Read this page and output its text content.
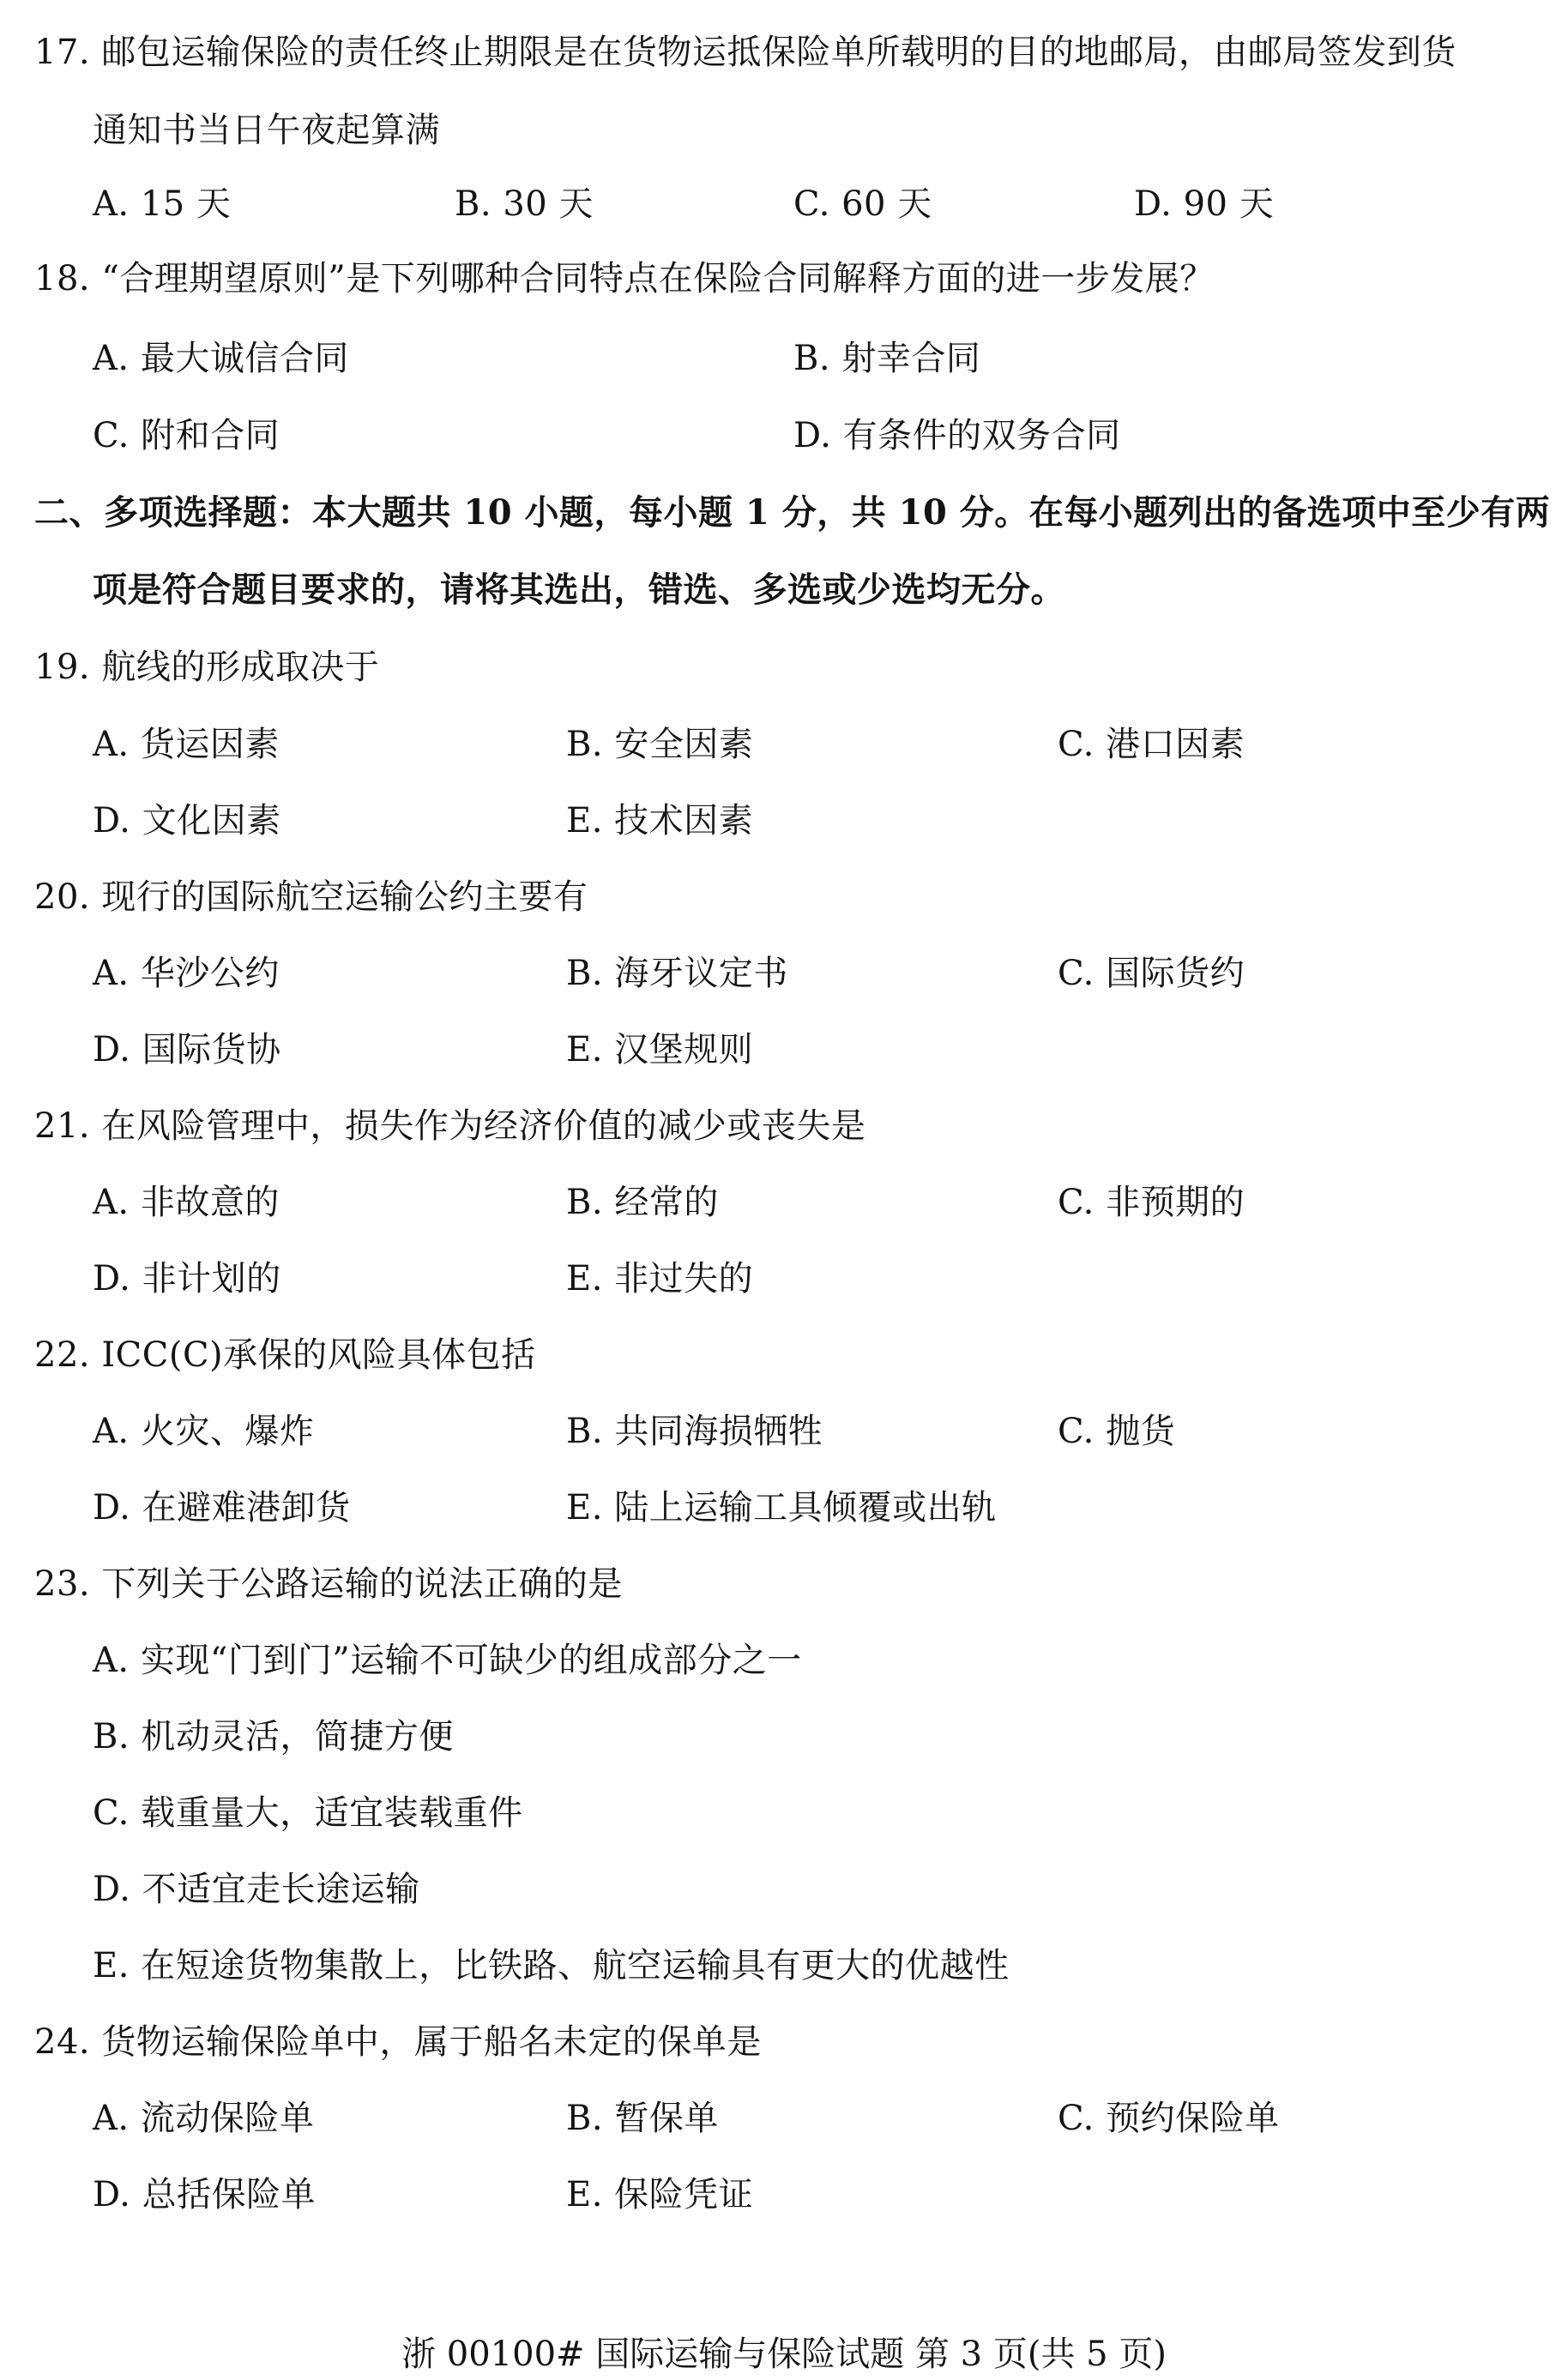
17. 邮包运输保险的责任终止期限是在货物运抵保险单所载明的目的地邮局，由邮局签发到货
通知书当日午夜起算满
A. 15 天	B. 30 天	C. 60 天	D. 90 天
18. “合理期望原则”是下列哪种合同特点在保险合同解释方面的进一步发展？
A. 最大诚信合同	B. 射幸合同
C. 附和合同	D. 有条件的双务合同
二、多项选择题：本大题共 10 小题，每小题 1 分，共 10 分。在每小题列出的备选项中至少有两
项是符合题目要求的，请将其选出，错选、多选或少选均无分。
19. 航线的形成取决于
A. 货运因素	B. 安全因素	C. 港口因素
D. 文化因素	E. 技术因素
20. 现行的国际航空运输公约主要有
A. 华沙公约	B. 海牙议定书	C. 国际货约
D. 国际货协	E. 汉堡规则
21. 在风险管理中，损失作为经济价值的减少或丧失是
A. 非故意的	B. 经常的	C. 非预期的
D. 非计划的	E. 非过失的
22. ICC(C)承保的风险具体包括
A. 火灾、爆炸	B. 共同海损牺牲	C. 抛货
D. 在避难港卸货	E. 陆上运输工具倾覆或出轨
23. 下列关于公路运输的说法正确的是
A. 实现“门到门”运输不可缺少的组成部分之一
B. 机动灵活，简捷方便
C. 载重量大，适宜装载重件
D. 不适宜走长途运输
E. 在短途货物集散上，比铁路、航空运输具有更大的优越性
24. 货物运输保险单中，属于船名未定的保单是
A. 流动保险单	B. 暂保单	C. 预约保险单
D. 总括保险单	E. 保险凭证
浙 00100# 国际运输与保险试题 第 3 页(共 5 页)
